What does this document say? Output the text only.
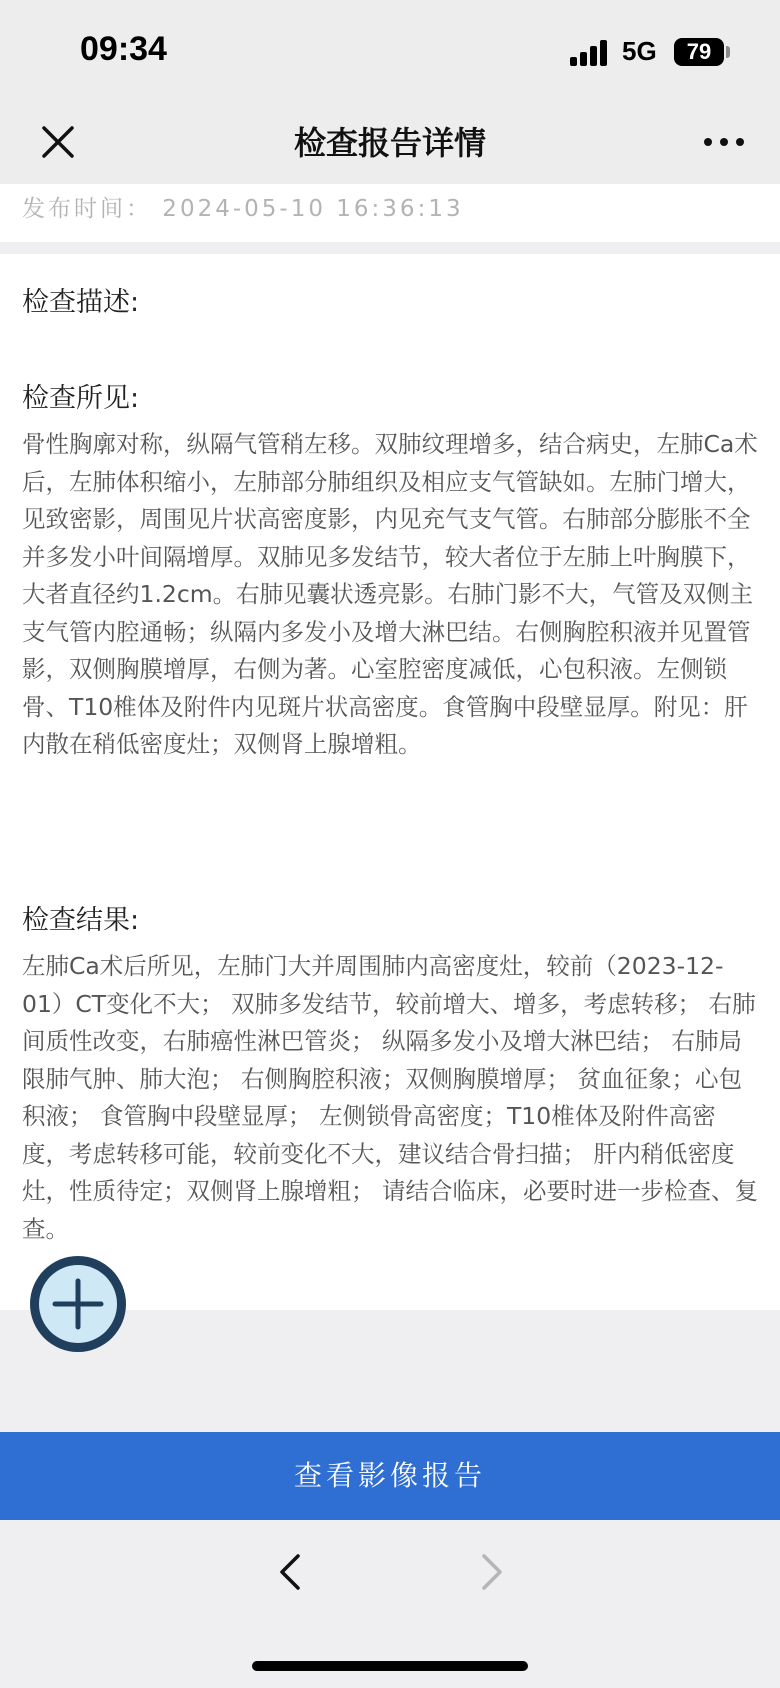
09:34	5G	79
检查报告详情
发布时间： 2024-05-10 16:36:13
检查描述:
检查所见:

骨性胸廓对称，纵隔气管稍左移。双肺纹理增多，结合病史，左肺Ca术后，左肺体积缩小，左肺部分肺组织及相应支气管缺如。左肺门增大，见致密影，周围见片状高密度影，内见充气支气管。右肺部分膨胀不全并多发小叶间隔增厚。双肺见多发结节，较大者位于左肺上叶胸膜下，大者直径约1.2cm。右肺见囊状透亮影。右肺门影不大，气管及双侧主支气管内腔通畅；纵隔内多发小及增大淋巴结。右侧胸腔积液并见置管影，双侧胸膜增厚，右侧为著。心室腔密度减低，心包积液。左侧锁骨、T10椎体及附件内见斑片状高密度。食管胸中段壁显厚。附见：肝内散在稍低密度灶；双侧肾上腺增粗。

检查结果:

左肺Ca术后所见，左肺门大并周围肺内高密度灶，较前（2023-12-01）CT变化不大； 双肺多发结节，较前增大、增多，考虑转移； 右肺间质性改变，右肺癌性淋巴管炎； 纵隔多发小及增大淋巴结； 右肺局限肺气肿、肺大泡； 右侧胸腔积液；双侧胸膜增厚； 贫血征象；心包积液； 食管胸中段壁显厚； 左侧锁骨高密度；T10椎体及附件高密度，考虑转移可能，较前变化不大，建议结合骨扫描； 肝内稍低密度灶，性质待定；双侧肾上腺增粗； 请结合临床，必要时进一步检查、复查。

查看影像报告
